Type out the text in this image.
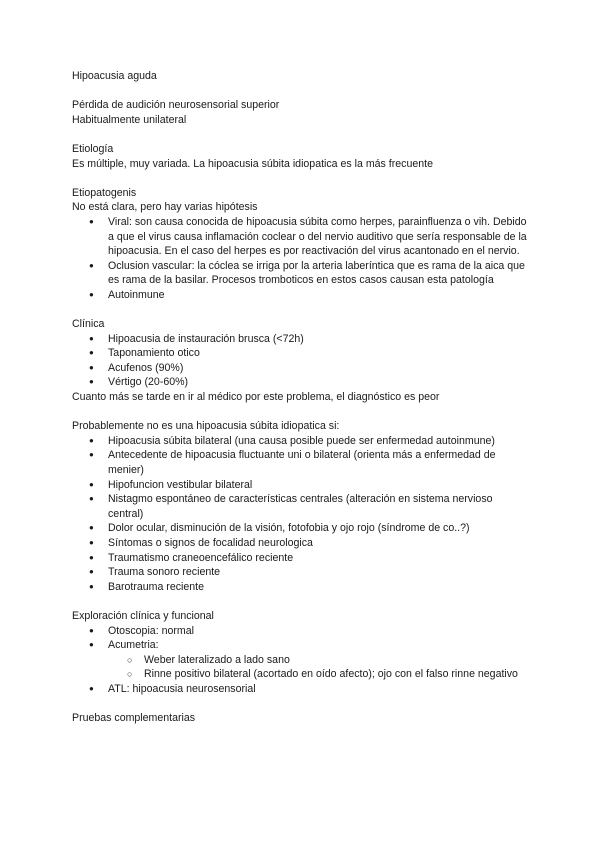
Hipoacusia aguda

Pérdida de audición neurosensorial superior

Habitualmente unilateral

Etiología

Es múltiple, muy variada. La hipoacusia súbita idiopatica es la más frecuente

Etiopatogenis

No está clara, pero hay varias hipótesis

● Viral: son causa conocida de hipoacusia súbita como herpes, parainfluenza o vih. Debido a que el virus causa inflamación coclear o del nervio auditivo que sería responsable de la hipoacusia. En el caso del herpes es por reactivación del virus acantonado en el nervio.
● Oclusion vascular: la cóclea se irriga por la arteria laberíntica que es rama de la aica que es rama de la basilar. Procesos tromboticos en estos casos causan esta patología
● Autoinmune

Clínica

● Hipoacusia de instauración brusca (<72h)
● Taponamiento otico
● Acufenos (90%)
● Vértigo (20-60%)

Cuanto más se tarde en ir al médico por este problema, el diagnóstico es peor

Probablemente no es una hipoacusia súbita idiopatica si:

● Hipoacusia súbita bilateral (una causa posible puede ser enfermedad autoinmune)
● Antecedente de hipoacusia fluctuante uni o bilateral (orienta más a enfermedad de menier)
● Hipofuncion vestibular bilateral
● Nistagmo espontáneo de características centrales (alteración en sistema nervioso central)
● Dolor ocular, disminución de la visión, fotofobia y ojo rojo (síndrome de co..?)
● Síntomas o signos de focalidad neurologica
● Traumatismo craneoencefálico reciente
● Trauma sonoro reciente
● Barotrauma reciente

Exploración clínica y funcional

● Otoscopia: normal
● Acumetria:
○ Weber lateralizado a lado sano
○ Rinne positivo bilateral (acortado en oído afecto); ojo con el falso rinne negativo
● ATL: hipoacusia neurosensorial

Pruebas complementarias
